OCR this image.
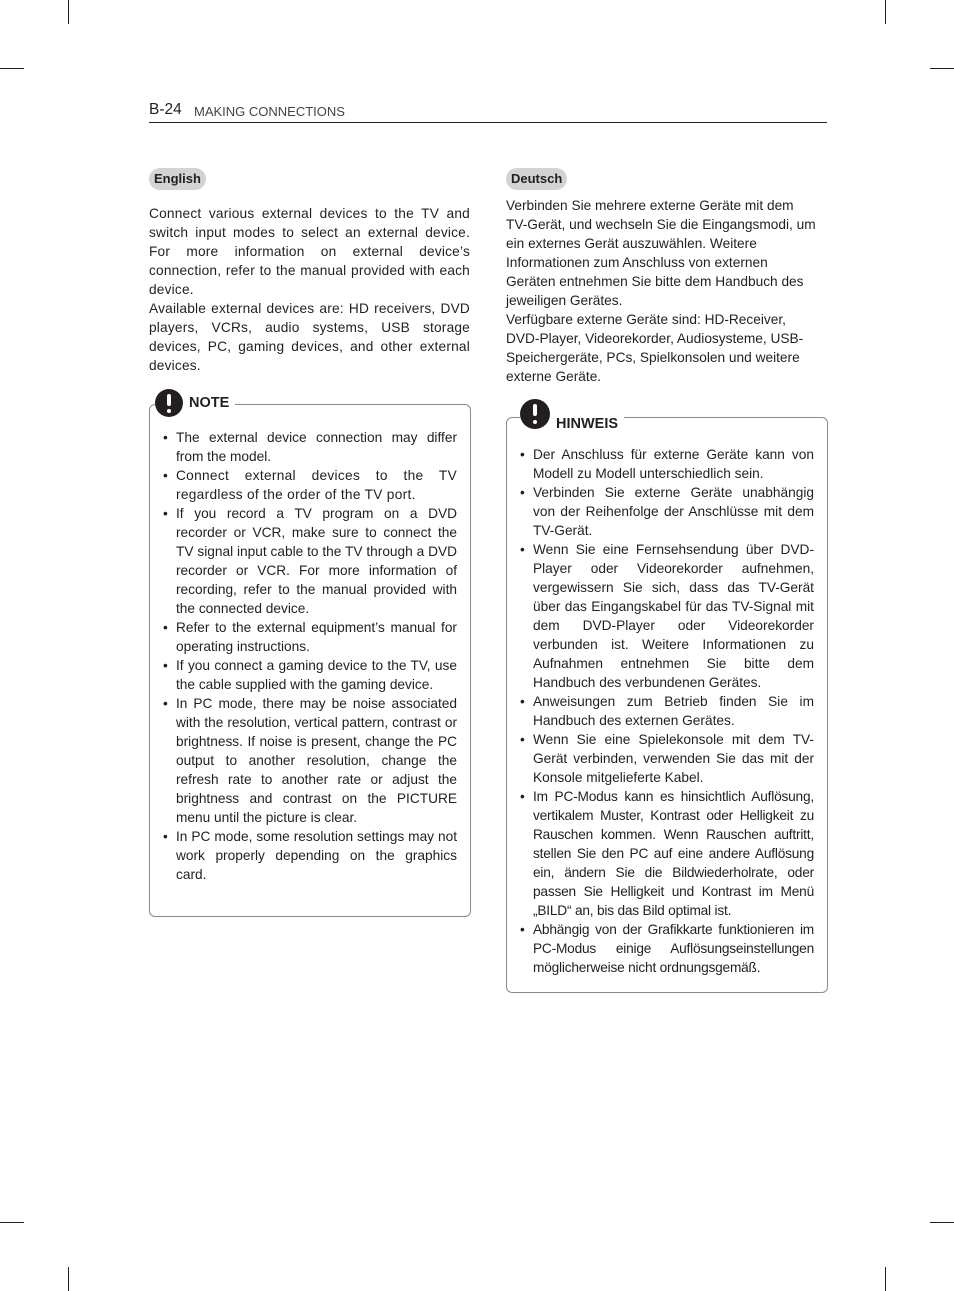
B-24 MAKING CONNECTIONS
English

Connect various external devices to the TV and switch input modes to select an external device. For more information on external device’s connection, refer to the manual provided with each device.

Available external devices are: HD receivers, DVD players, VCRs, audio systems, USB storage devices, PC, gaming devices, and other external devices.

NOTE
• The external device connection may differ from the model.
• Connect external devices to the TV regardless of the order of the TV port.
• If you record a TV program on a DVD recorder or VCR, make sure to connect the TV signal input cable to the TV through a DVD recorder or VCR. For more information of recording, refer to the manual provided with the connected device.
• Refer to the external equipment’s manual for operating instructions.
• If you connect a gaming device to the TV, use the cable supplied with the gaming device.
• In PC mode, there may be noise associated with the resolution, vertical pattern, contrast or brightness. If noise is present, change the PC output to another resolution, change the refresh rate to another rate or adjust the brightness and contrast on the PICTURE menu until the picture is clear.
• In PC mode, some resolution settings may not work properly depending on the graphics card.
Deutsch

Verbinden Sie mehrere externe Geräte mit dem TV-Gerät, und wechseln Sie die Eingangsmodi, um ein externes Gerät auszuwählen. Weitere Informationen zum Anschluss von externen Geräten entnehmen Sie bitte dem Handbuch des jeweiligen Gerätes.

Verfügbare externe Geräte sind: HD-Receiver, DVD-Player, Videorekorder, Audiosysteme, USB-Speichergeräte, PCs, Spielkonsolen und weitere externe Geräte.

HINWEIS
• Der Anschluss für externe Geräte kann von Modell zu Modell unterschiedlich sein.
• Verbinden Sie externe Geräte unabhängig von der Reihenfolge der Anschlüsse mit dem TV-Gerät.
• Wenn Sie eine Fernsehsendung über DVD-Player oder Videorekorder aufnehmen, vergewissern Sie sich, dass das TV-Gerät über das Eingangskabel für das TV-Signal mit dem DVD-Player oder Videorekorder verbunden ist. Weitere Informationen zu Aufnahmen entnehmen Sie bitte dem Handbuch des verbundenen Gerätes.
• Anweisungen zum Betrieb finden Sie im Handbuch des externen Gerätes.
• Wenn Sie eine Spielekonsole mit dem TV-Gerät verbinden, verwenden Sie das mit der Konsole mitgelieferte Kabel.
• Im PC-Modus kann es hinsichtlich Auflösung, vertikalem Muster, Kontrast oder Helligkeit zu Rauschen kommen. Wenn Rauschen auftritt, stellen Sie den PC auf eine andere Auflösung ein, ändern Sie die Bildwiederholrate, oder passen Sie Helligkeit und Kontrast im Menü „BILD“ an, bis das Bild optimal ist.
• Abhängig von der Grafikkarte funktionieren im PC-Modus einige Auflösungseinstellungen möglicherweise nicht ordnungsgemäß.
